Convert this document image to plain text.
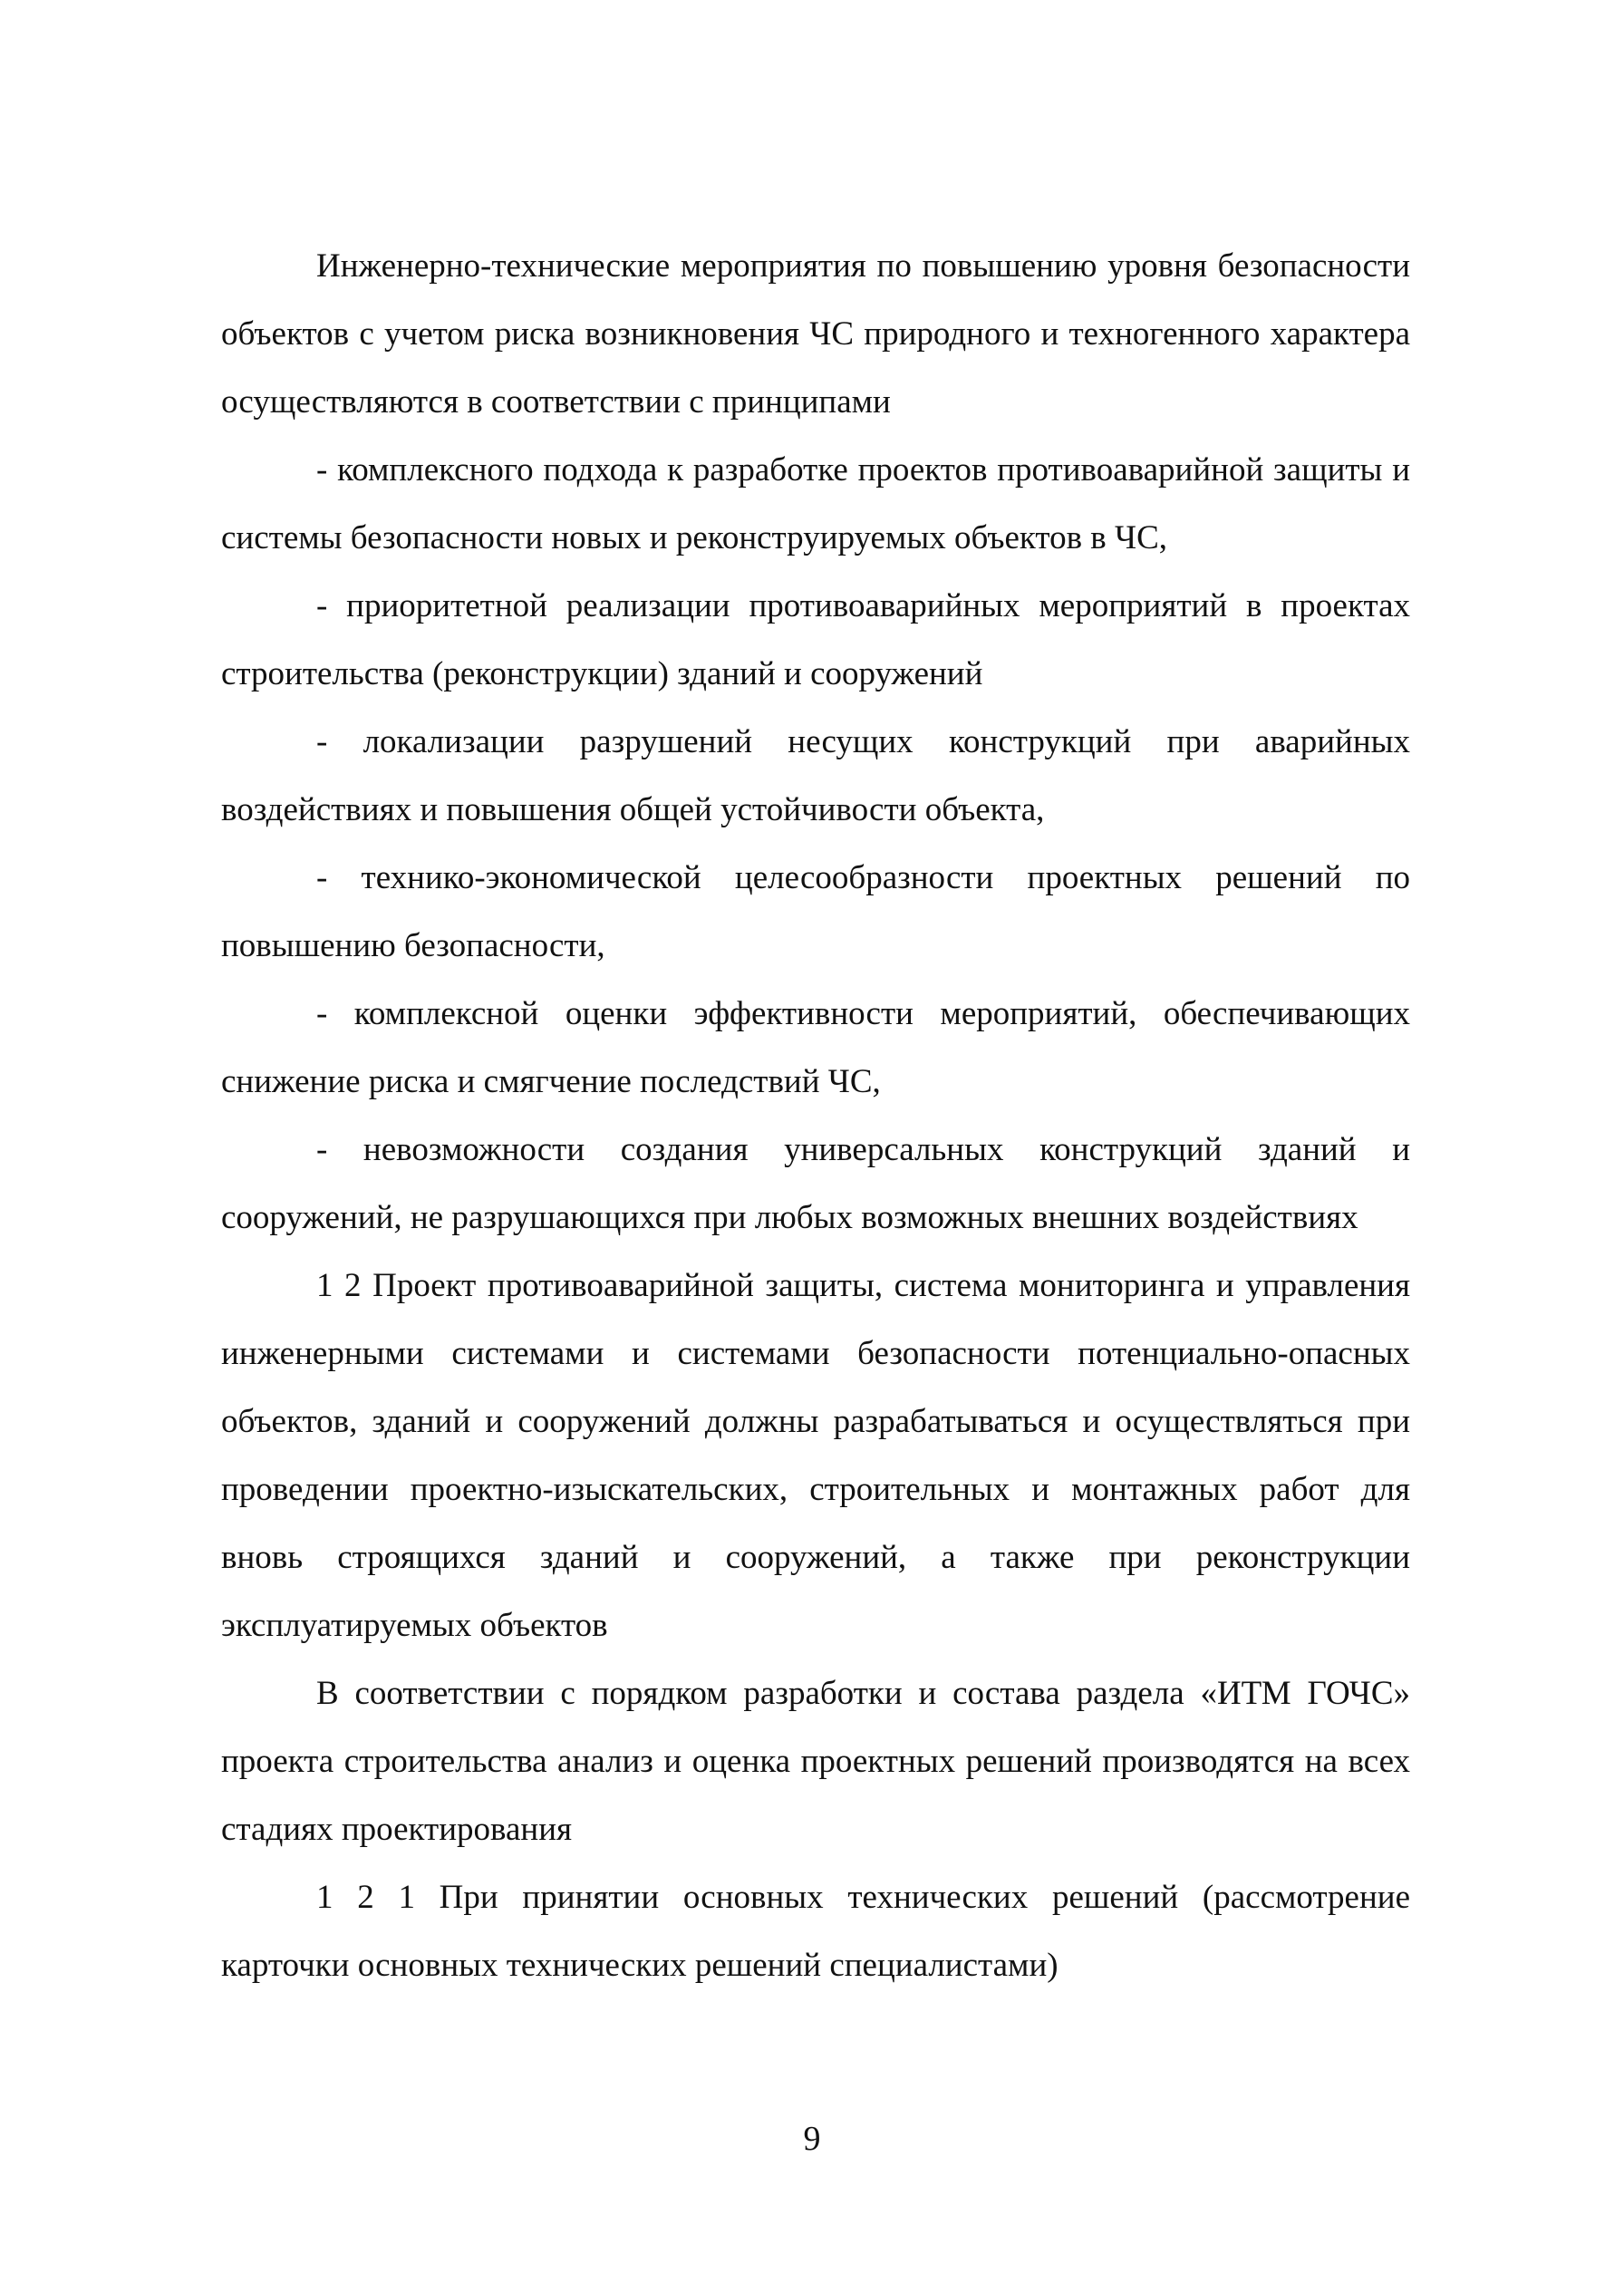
Инженерно-технические мероприятия по повышению уровня безопасности объектов с учетом риска возникновения ЧС природного и техногенного характера осуществляются в соответствии с принципами

- комплексного подхода к разработке проектов противоаварийной защиты и системы безопасности новых и реконструируемых объектов в ЧС,

- приоритетной реализации противоаварийных мероприятий в проектах строительства (реконструкции) зданий и сооружений

- локализации разрушений несущих конструкций при аварийных воздействиях и повышения общей устойчивости объекта,

- технико-экономической целесообразности проектных решений по повышению безопасности,

- комплексной оценки эффективности мероприятий, обеспечивающих снижение риска и смягчение последствий ЧС,

- невозможности создания универсальных конструкций зданий и сооружений, не разрушающихся при любых возможных внешних воздействиях

1 2 Проект противоаварийной защиты, система мониторинга и управления инженерными системами и системами безопасности потенциально-опасных объектов, зданий и сооружений должны разрабатываться и осуществляться при проведении проектно-изыскательских, строительных и монтажных работ для вновь строящихся зданий и сооружений, а также при реконструкции эксплуатируемых объектов

В соответствии с порядком разработки и состава раздела «ИТМ ГОЧС» проекта строительства анализ и оценка проектных решений производятся на всех стадиях проектирования

1 2 1 При принятии основных технических решений (рассмотрение карточки основных технических решений специалистами)

9
